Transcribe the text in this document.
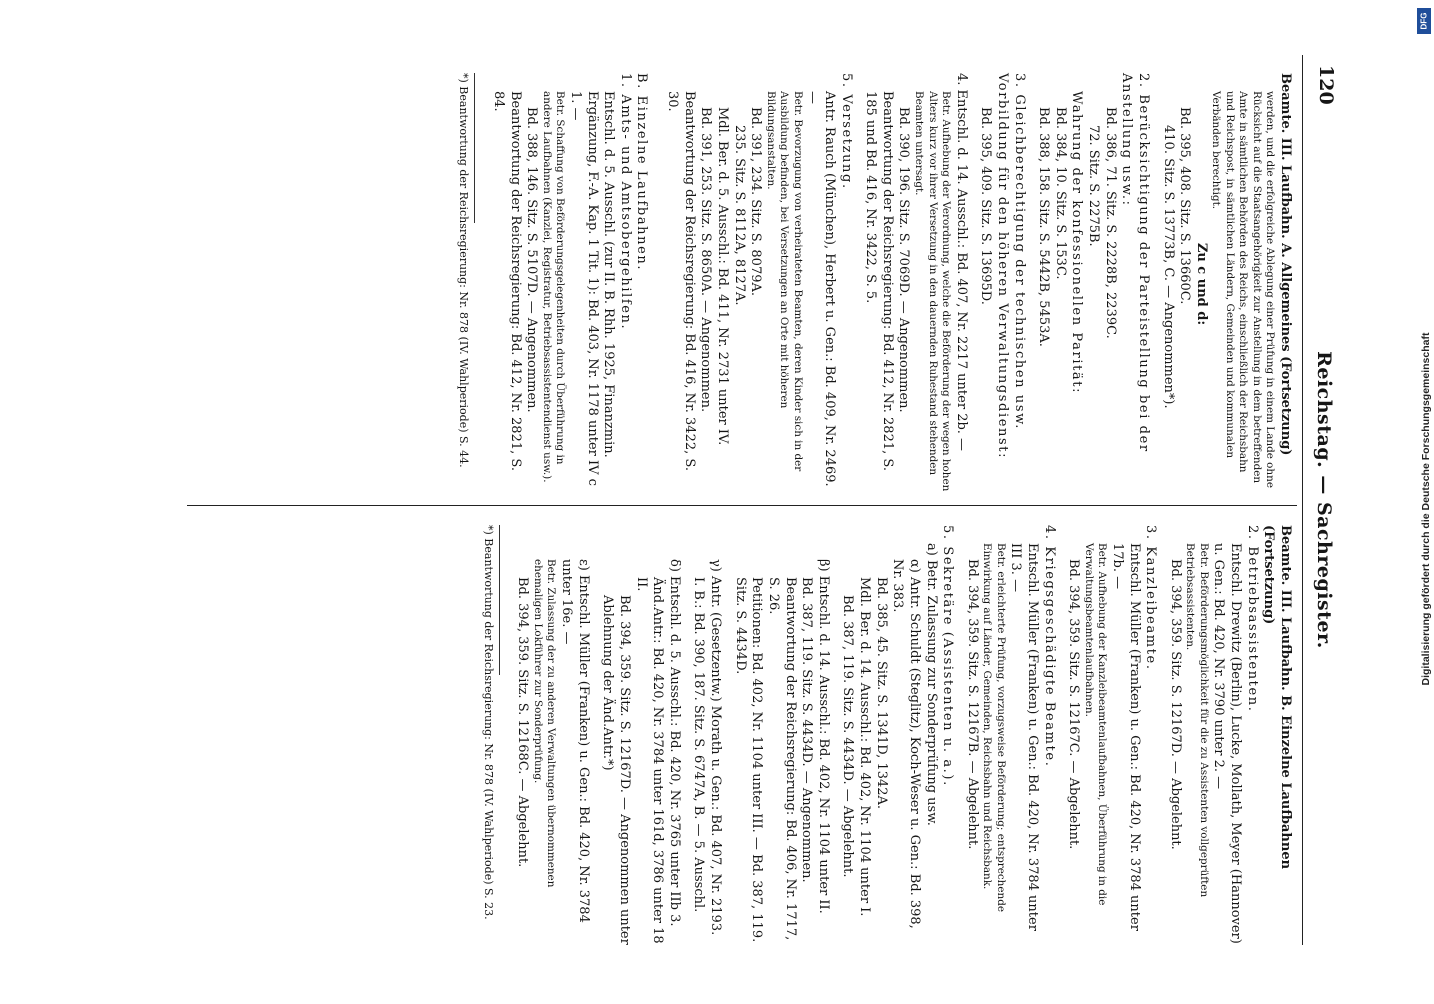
120
Reichstag. — Sachregister.

Beamte. III. Laufbahn. A. Allgemeines (Fortsetzung)

werden, und die erfolgreiche Ablegung einer Prüfung in einem Lande ohne Rücksicht auf die Staatsangehörigkeit zur Anstellung in dem betreffenden Amte in sämtlichen Behörden des Reichs, einschließlich der Reichsbahn und Reichspost, in sämtlichen Ländern, Gemeinden und kommunalen Verbänden berechtigt.

Zu c und d:

Bd. 395, 408. Sitz. S. 13660C.

410. Sitz. S. 13773B, C. — Angenommen*).

2. Berücksichtigung der Parteistellung bei der Anstellung usw.:

Bd. 386, 71. Sitz. S. 2228B, 2239C.

72. Sitz. S. 2275B.

Wahrung der konfessionellen Parität:

Bd. 384, 10. Sitz. S. 153C.

Bd. 388, 158. Sitz. S. 5442B, 5453A.

3. Gleichberechtigung der technischen usw. Vorbildung für den höheren Verwaltungsdienst:

Bd. 395, 409. Sitz. S. 13695D.

4. Entschl. d. 14. Ausschl.: Bd. 407, Nr. 2217 unter 2b. —

Betr. Aufhebung der Verordnung, welche die Beförderung der wegen hohen Alters kurz vor ihrer Versetzung in den dauernden Ruhestand stehenden Beamten untersagt.

Bd. 390, 196. Sitz. S. 7069D. — Angenommen.

Beantwortung der Reichsregierung: Bd. 412, Nr. 2821, S. 185 und Bd. 416, Nr. 3422, S. 5.

5. Versetzung.

Antr. Rauch (München), Herbert u. Gen.: Bd. 409, Nr. 2469. —

Betr. Bevorzugung von verheirateten Beamten, deren Kinder sich in der Ausbildung befinden, bei Versetzungen an Orte mit höheren Bildungsanstalten.

Bd. 391, 234. Sitz. S. 8079A.

235. Sitz. S. 8112A, 8127A.

Mdl. Ber. d. 5. Ausschl.: Bd. 411, Nr. 2731 unter IV.

Bd. 391, 253. Sitz. S. 8650A. — Angenommen.

Beantwortung der Reichsregierung: Bd. 416, Nr. 3422, S. 30.

B. Einzelne Laufbahnen.

1. Amts- und Amtsobergehilfen.

Entschl. d. 5. Ausschl. (zur II. B. Rhh. 1925, Finanzmin. Ergänzung, F.-A. Kap. 1 Tit. 1): Bd. 403, Nr. 1178 unter IV c 1. —

Betr. Schaffung von Beförderungsgelegenheiten durch Überführung in andere Laufbahnen (Kanzlei, Registratur, Betriebsassistentendienst usw.).

Bd. 388, 146. Sitz. S. 5107D. — Angenommen.

Beantwortung der Reichsregierung: Bd. 412, Nr. 2821, S. 84.

*) Beantwortung der Reichsregierung: Nr. 878 (IV. Wahlperiode) S. 44.

Beamte. III. Laufbahn. B. Einzelne Laufbahnen (Fortsetzung)

2. Betriebsassistenten.

Entschl. Drewitz (Berlin), Lucke, Mollath, Meyer (Hannover) u. Gen.: Bd. 420, Nr. 3790 unter 2. —

Betr. Beförderungsmöglichkeit für die zu Assistenten vollgeprüften Betriebsassistenten.

Bd. 394, 359. Sitz. S. 12167D. — Abgelehnt.

3. Kanzleibeamte.

Entschl. Müller (Franken) u. Gen.: Bd. 420, Nr. 3784 unter 17b. —

Betr. Aufhebung der Kanzleibeamtenlaufbahnen, Überführung in die Verwaltungsbeamtenlaufbahnen.

Bd. 394, 359. Sitz. S. 12167C. — Abgelehnt.

4. Kriegsgeschädigte Beamte.

Entschl. Müller (Franken) u. Gen.: Bd. 420, Nr. 3784 unter III 3. —

Betr. erleichterte Prüfung, vorzugsweise Beförderung; entsprechende Einwirkung auf Länder, Gemeinden, Reichsbahn und Reichsbank.

Bd. 394, 359. Sitz. S. 12167B. — Abgelehnt.

5. Sekretäre (Assistenten u. a.).

a) Betr. Zulassung zur Sonderprüfung usw.

α) Antr. Schuldt (Steglitz), Koch-Weser u. Gen.: Bd. 398, Nr. 383.

Bd. 385, 45. Sitz. S. 1341D, 1342A.

Mdl. Ber. d. 14. Ausschl.: Bd. 402, Nr. 1104 unter I.

Bd. 387, 119. Sitz. S. 4434D. — Abgelehnt.

β) Entschl. d. 14. Ausschl.: Bd. 402, Nr. 1104 unter II.

Bd. 387, 119. Sitz. S. 4434D. — Angenommen.

Beantwortung der Reichsregierung: Bd. 406, Nr. 1717, S. 26.

Petitionen: Bd. 402, Nr. 1104 unter III. — Bd. 387, 119. Sitz. S. 4434D.

γ) Antr. (Gesetzentw.) Morath u. Gen.: Bd. 407, Nr. 2193.

I. B.: Bd. 390, 187. Sitz. S. 6747A, B. — 5. Ausschl.

δ) Entschl. d. 5. Ausschl.: Bd. 420, Nr. 3765 unter IIb 3.

Änd.Antr.: Bd. 420, Nr. 3784 unter 161d, 3786 unter 18 II.

Bd. 394, 359. Sitz. S. 12167D. — Angenommen unter Ablehnung der Änd.Antr.*)

ε) Entschl. Müller (Franken) u. Gen.: Bd. 420, Nr. 3784 unter 16e. —

Betr. Zulassung der zu anderen Verwaltungen übernommenen ehemaligen Lokführer zur Sonderprüfung.

Bd. 394, 359. Sitz. S. 12168C. — Abgelehnt.

*) Beantwortung der Reichsregierung: Nr. 878 (IV. Wahlperiode) S. 23.

Digitalisierung gefördert durch die Deutsche Forschungsgemeinschaft
DFG
